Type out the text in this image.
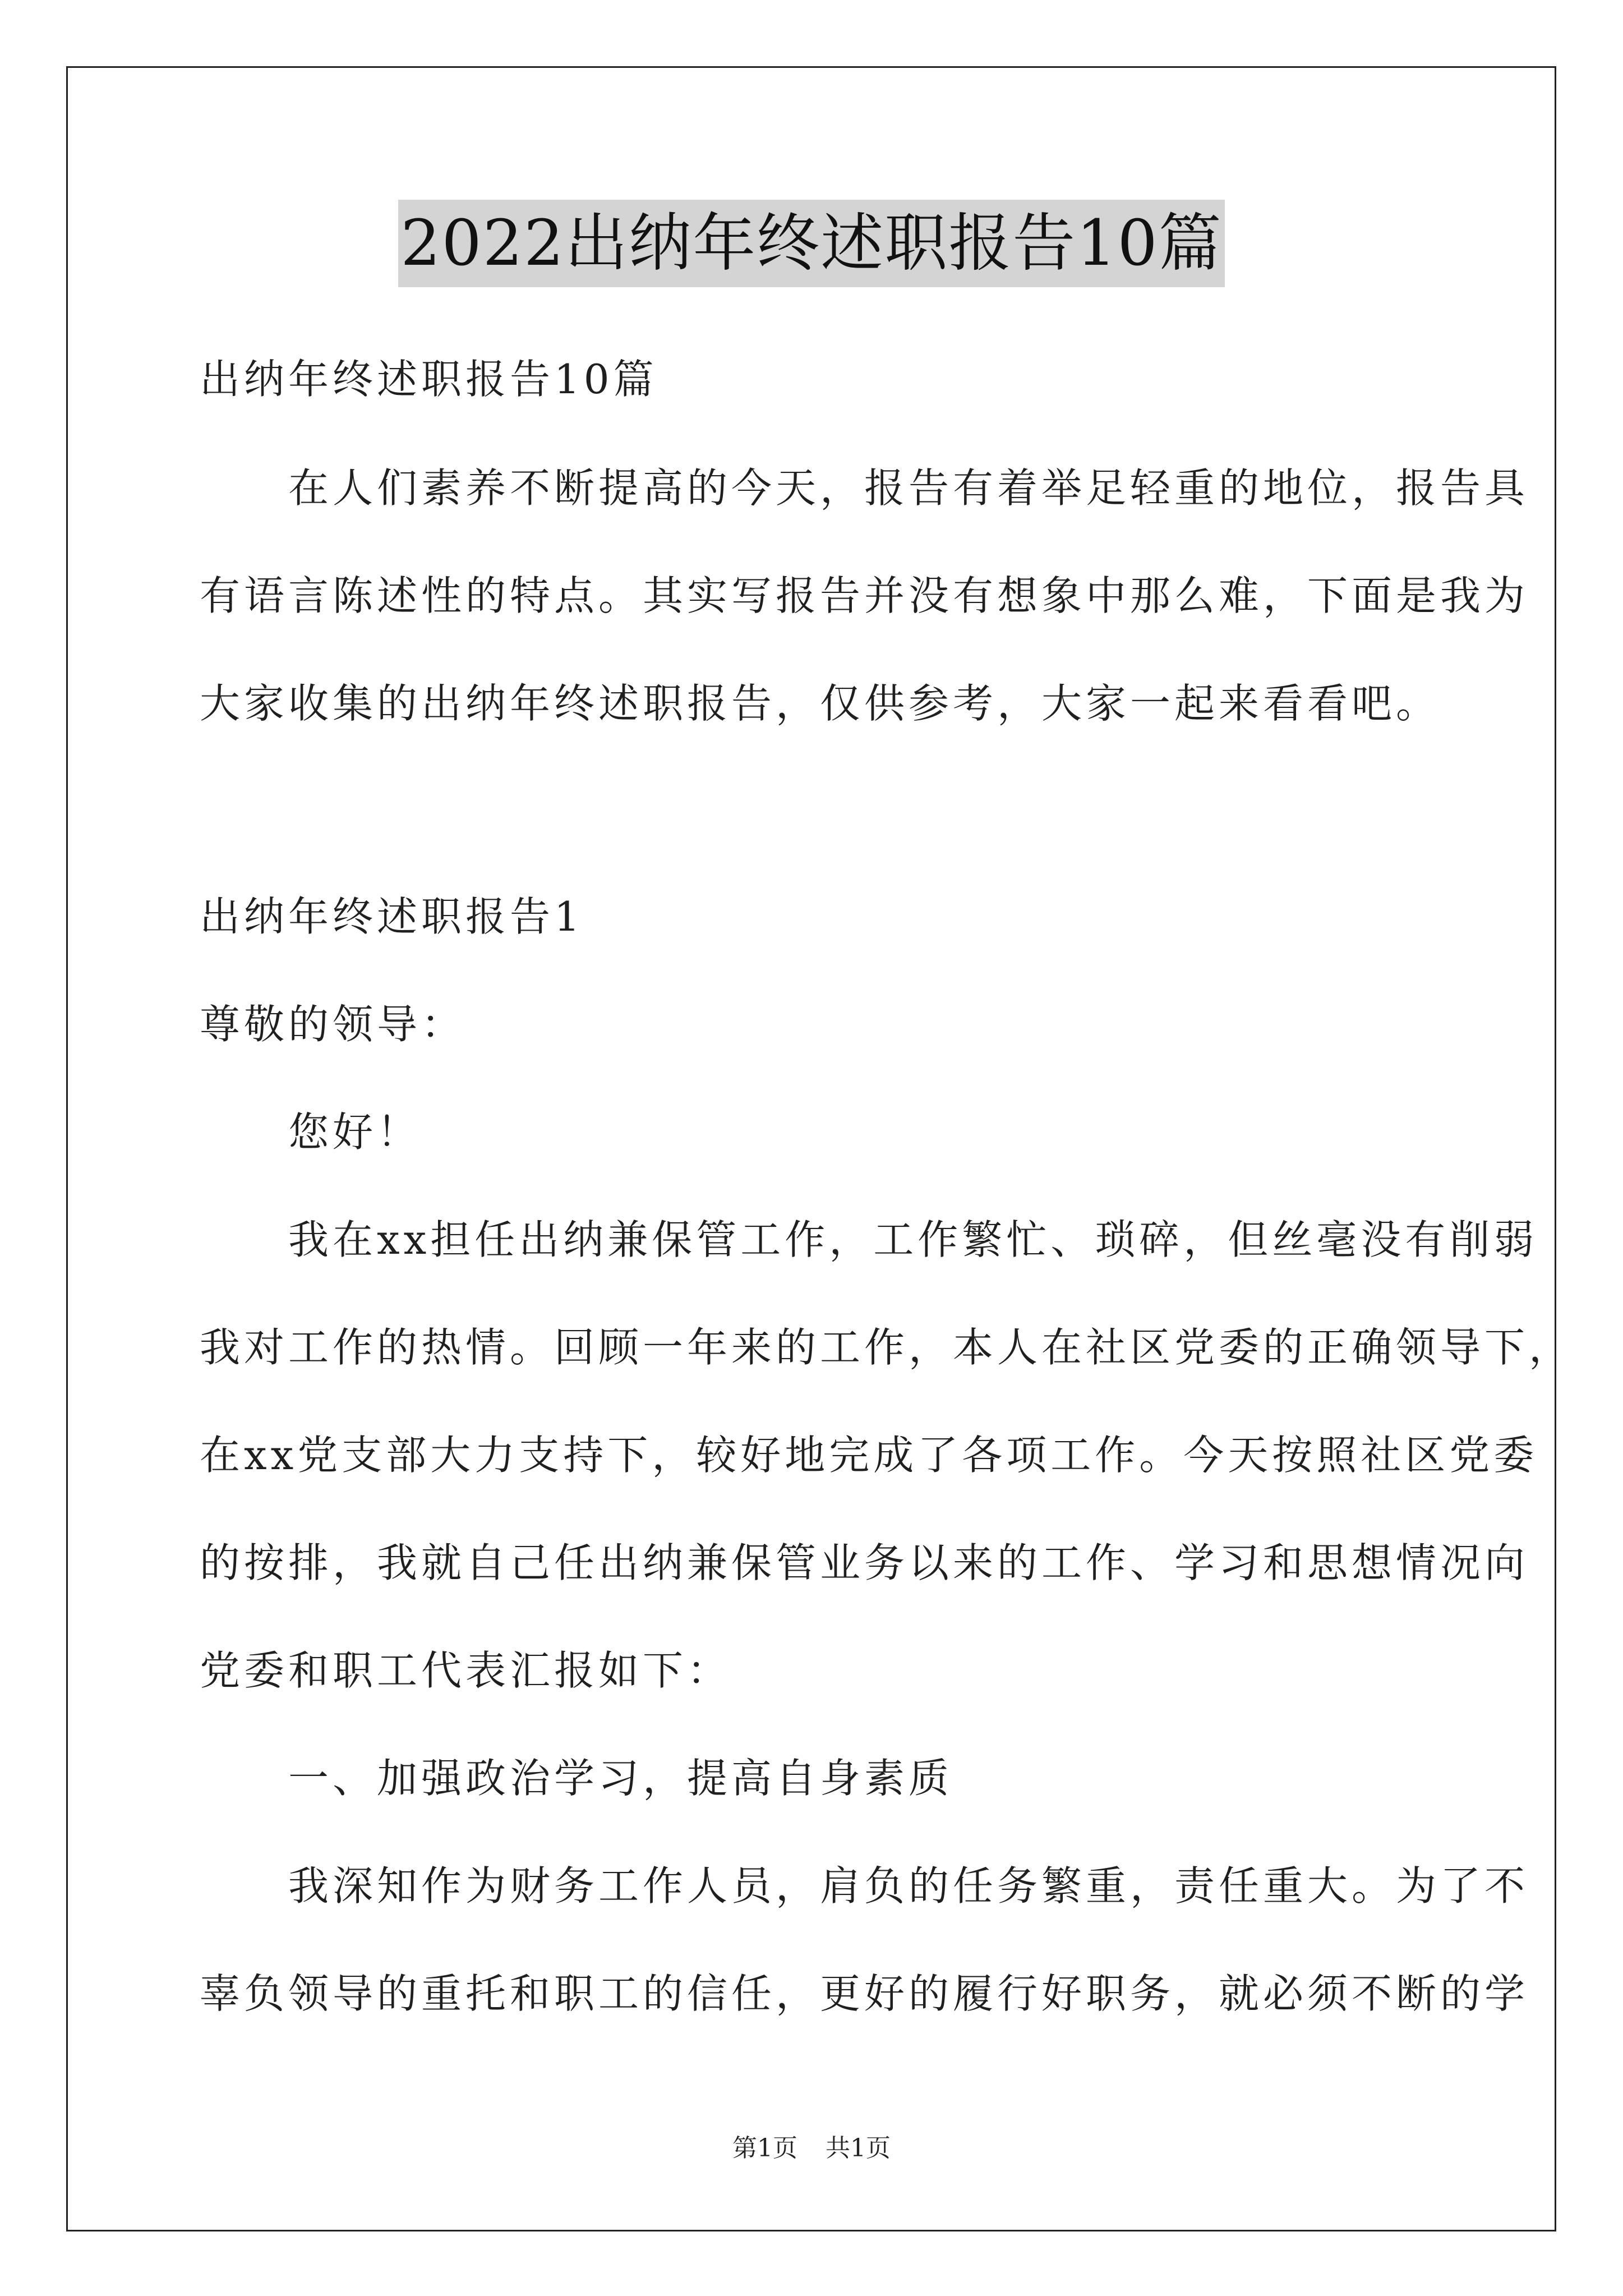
2022出纳年终述职报告10篇
出纳年终述职报告10篇
　　在人们素养不断提高的今天，报告有着举足轻重的地位，报告具
有语言陈述性的特点。其实写报告并没有想象中那么难，下面是我为
大家收集的出纳年终述职报告，仅供参考，大家一起来看看吧。
出纳年终述职报告1
尊敬的领导：
　　您好！
　　我在xx担任出纳兼保管工作，工作繁忙、琐碎，但丝毫没有削弱
我对工作的热情。回顾一年来的工作，本人在社区党委的正确领导下，
在xx党支部大力支持下，较好地完成了各项工作。今天按照社区党委
的按排，我就自己任出纳兼保管业务以来的工作、学习和思想情况向
党委和职工代表汇报如下：
　　一、加强政治学习，提高自身素质
　　我深知作为财务工作人员，肩负的任务繁重，责任重大。为了不
辜负领导的重托和职工的信任，更好的履行好职务，就必须不断的学
第1页 共1页
